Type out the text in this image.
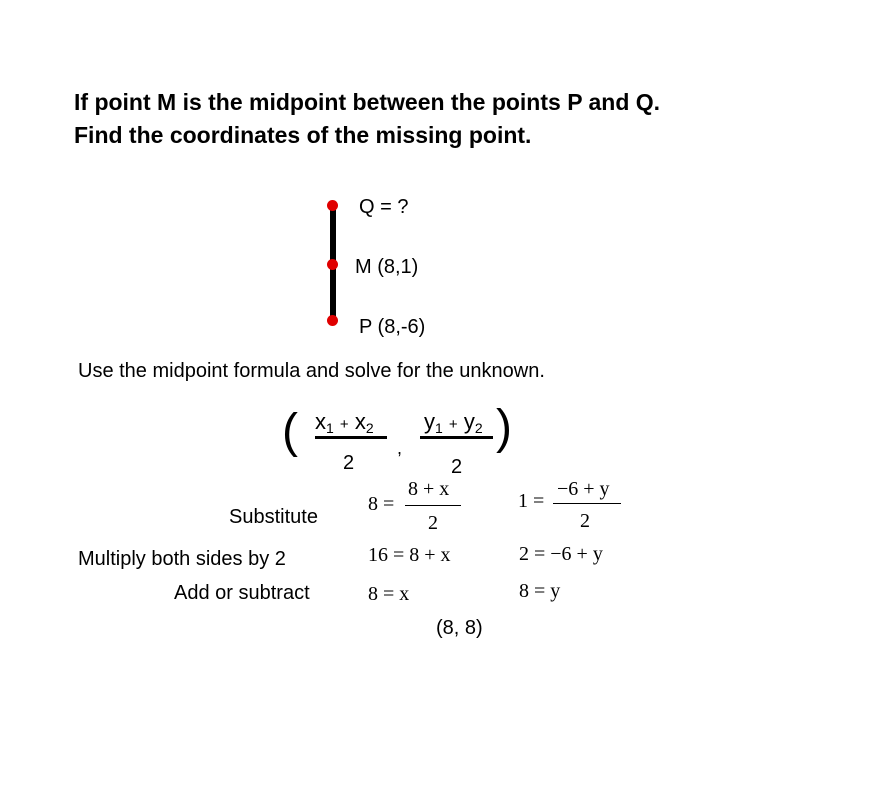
If point M is the midpoint between the points P and Q.
Find the coordinates of the missing point.
Q = ?
M (8,1)
P (8,-6)
Use the midpoint formula and solve for the unknown.
(	)
x1 + x2
2
,
y1 + y2
2
Substitute
Multiply both sides by 2
Add or subtract
8 =
8 + x
2
16 = 8 + x
8 = x
1 =
−6 + y
2
2 = −6 + y
8 = y
(8, 8)
